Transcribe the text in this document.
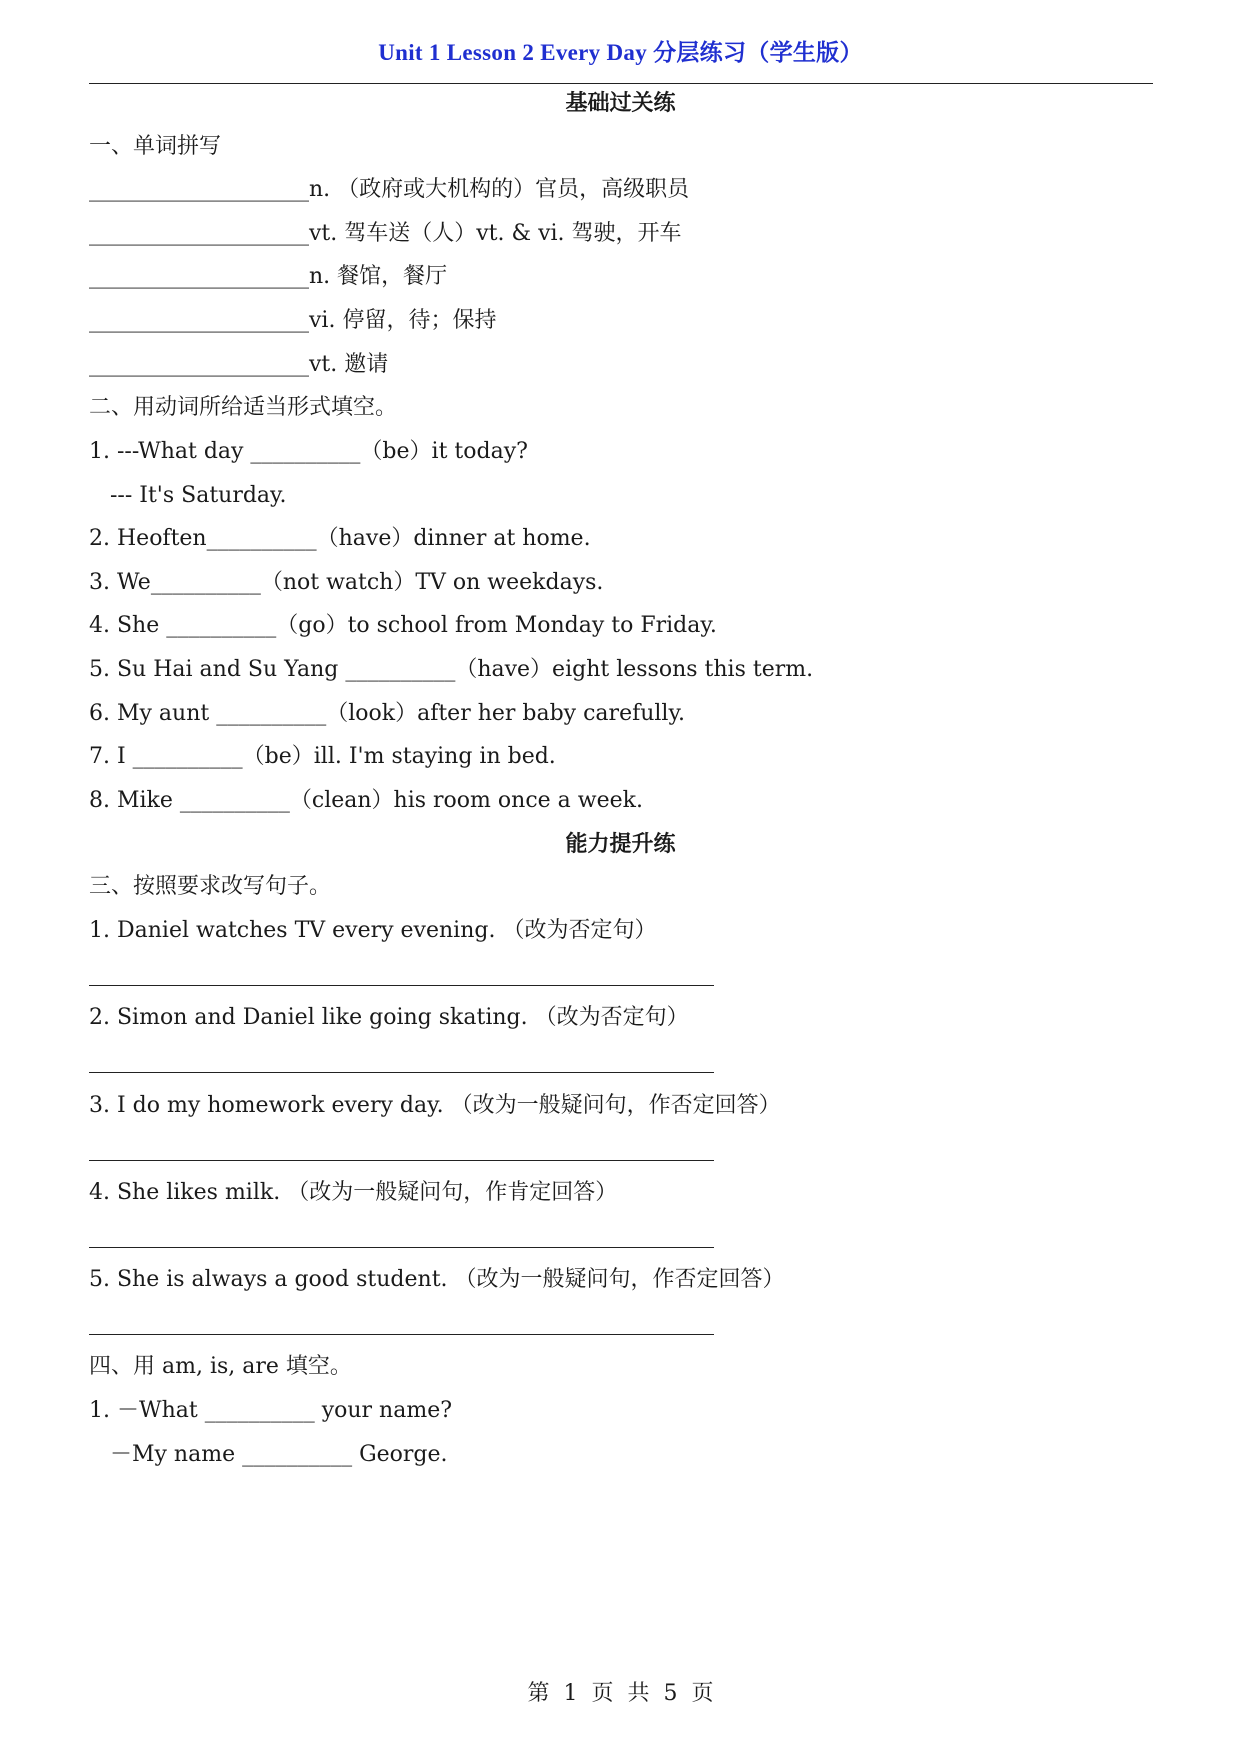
Unit 1 Lesson 2 Every Day 分层练习（学生版）
基础过关练
一、单词拼写
____________________n. （政府或大机构的）官员，高级职员
____________________vt. 驾车送（人）vt. & vi. 驾驶，开车
____________________n. 餐馆，餐厅
____________________vi. 停留，待；保持
____________________vt. 邀请
二、用动词所给适当形式填空。
1. ---What day __________（be）it today?
--- It's Saturday.
2. Heoften__________（have）dinner at home.
3. We__________（not watch）TV on weekdays.
4. She __________（go）to school from Monday to Friday.
5. Su Hai and Su Yang __________（have）eight lessons this term.
6. My aunt __________（look）after her baby carefully.
7. I __________（be）ill. I'm staying in bed.
8. Mike __________（clean）his room once a week.
能力提升练
三、按照要求改写句子。
1. Daniel watches TV every evening. （改为否定句）
2. Simon and Daniel like going skating. （改为否定句）
3. I do my homework every day. （改为一般疑问句，作否定回答）
4. She likes milk. （改为一般疑问句，作肯定回答）
5. She is always a good student. （改为一般疑问句，作否定回答）
四、用 am, is, are 填空。
1. －What __________ your name?
－My name __________ George.
第  1  页  共  5  页
